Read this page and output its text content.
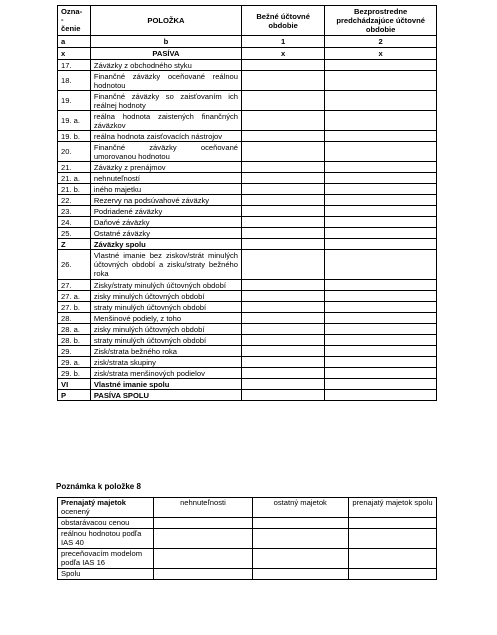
Ozna-
-
čenie	POLOŽKA	Bežné účtovné obdobie	Bezprostredne predchádzajúce účtovné obdobie
a	b	1	2
x	PASÍVA	x	x
17.	Záväzky z obchodného styku		
18.	Finančné záväzky oceňované reálnou hodnotou		
19.	Finančné záväzky so zaisťovaním ich reálnej hodnoty		
19. a.	reálna hodnota zaistených finančných záväzkov		
19. b.	reálna hodnota zaisťovacích nástrojov		
20.	Finančné záväzky oceňované umorovanou hodnotou		
21.	Záväzky z prenájmov		
21. a.	nehnuteľností		
21. b.	iného majetku		
22.	Rezervy na podsúvahové záväzky		
23.	Podriadené záväzky		
24.	Daňové záväzky		
25.	Ostatné záväzky		
Z	Záväzky spolu		
26.	Vlastné imanie bez ziskov/strát minulých účtovných období a zisku/straty bežného roka		
27.	Zisky/straty minulých účtovných období		
27. a.	zisky minulých účtovných období		
27. b.	straty minulých účtovných období		
28.	Menšinové podiely, z toho		
28. a.	zisky minulých účtovných období		
28. b.	straty minulých účtovných období		
29.	Zisk/strata bežného roka		
29. a.	zisk/strata skupiny		
29. b.	zisk/strata menšinových podielov		
VI	Vlastné imanie spolu		
P	PASÍVA SPOLU		
Poznámka k položke 8
Prenajatý majetok
ocenený	nehnuteľnosti	ostatný majetok	prenajatý majetok spolu
obstarávacou cenou			
reálnou hodnotou podľa IAS 40			
preceňovacím modelom podľa IAS 16			
Spolu			
